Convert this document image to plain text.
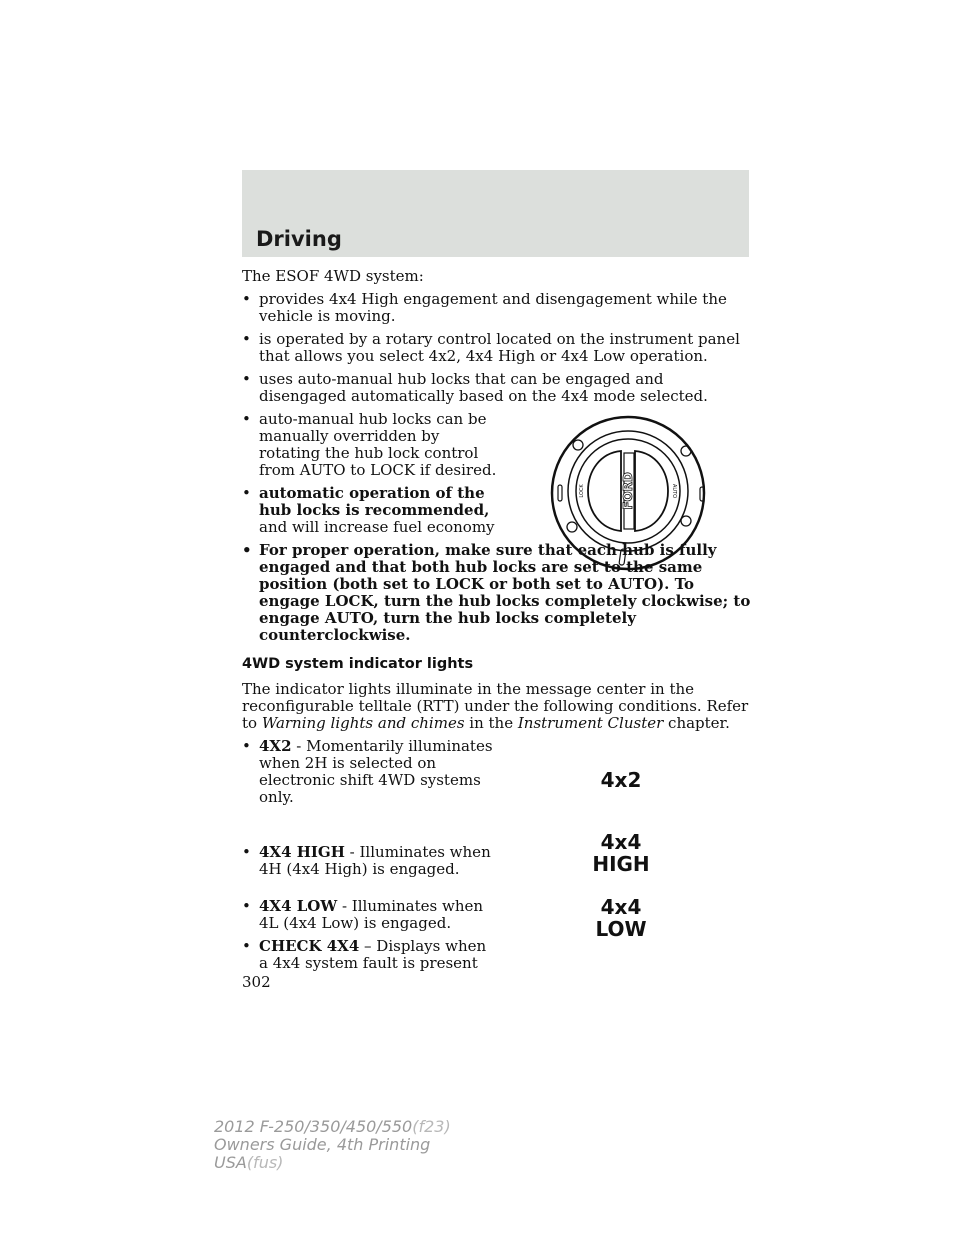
Driving
The ESOF 4WD system:
• provides 4x4 High engagement and disengagement while the vehicle is moving.
• is operated by a rotary control located on the instrument panel that allows you select 4x2, 4x4 High or 4x4 Low operation.
• uses auto-manual hub locks that can be engaged and disengaged automatically based on the 4x4 mode selected.
• auto-manual hub locks can be manually overridden by rotating the hub lock control from AUTO to LOCK if desired.
• automatic operation of the hub locks is recommended, and will increase fuel economy
• For proper operation, make sure that each hub is fully engaged and that both hub locks are set to the same position (both set to LOCK or both set to AUTO). To engage LOCK, turn the hub locks completely clockwise; to engage AUTO, turn the hub locks completely counterclockwise.
4WD system indicator lights
The indicator lights illuminate in the message center in the reconfigurable telltale (RTT) under the following conditions. Refer to Warning lights and chimes in the Instrument Cluster chapter.
• 4X2 - Momentarily illuminates when 2H is selected on electronic shift 4WD systems only.
• 4X4 HIGH - Illuminates when 4H (4x4 High) is engaged.
• 4X4 LOW - Illuminates when 4L (4x4 Low) is engaged.
• CHECK 4X4 – Displays when a 4x4 system fault is present
FORD
LOCK	AUTO
4x2
4x4
HIGH
4x4
LOW
302
2012 F-250/350/450/550(f23)
Owners Guide, 4th Printing
USA(fus)
